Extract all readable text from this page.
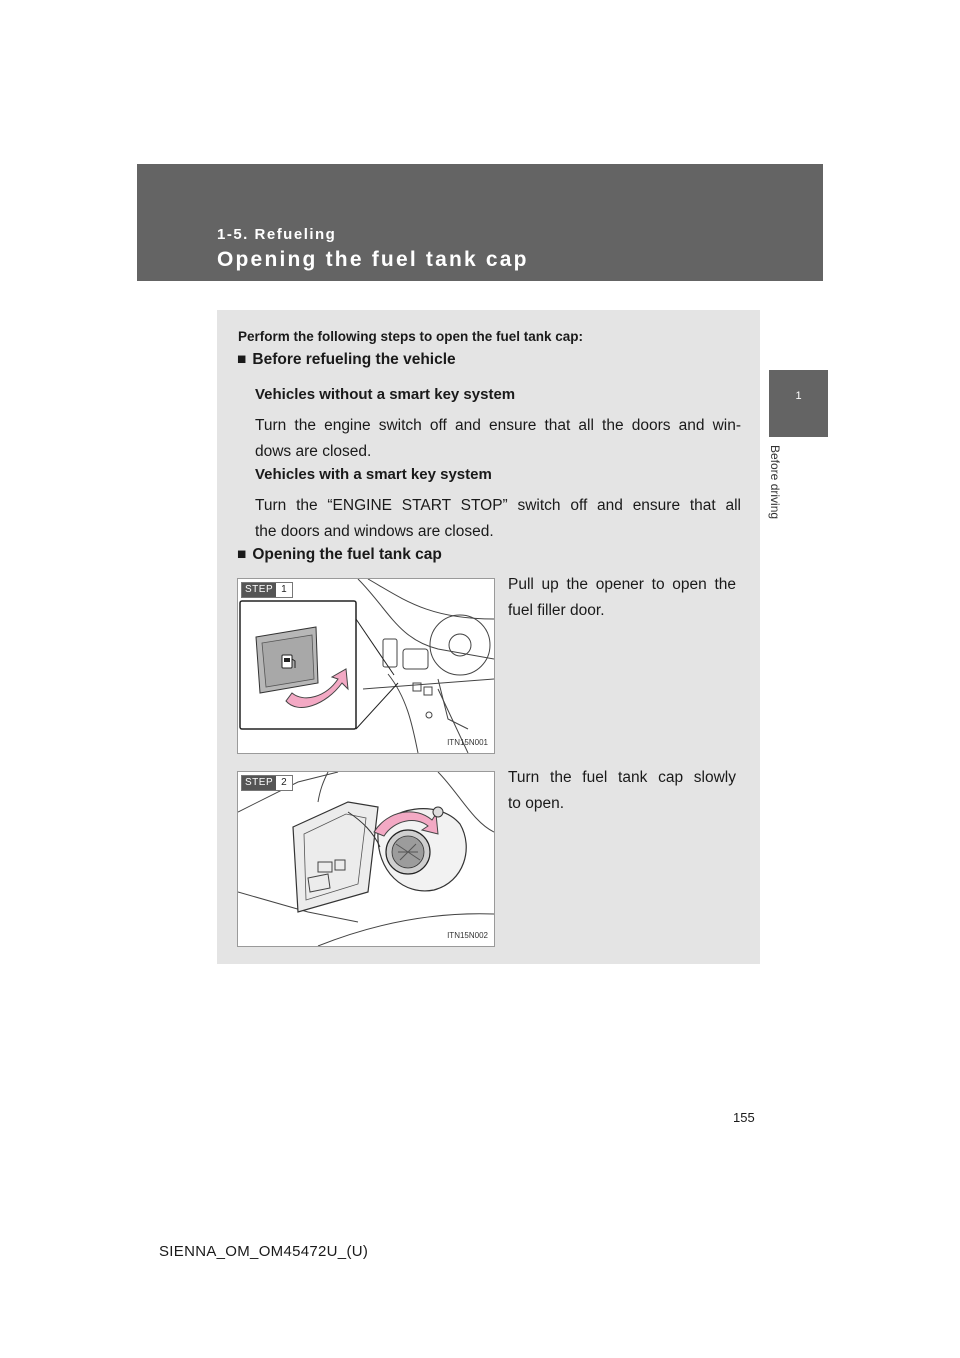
1-5. Refueling
Opening the fuel tank cap
1
Before driving
Perform the following steps to open the fuel tank cap:
■ Before refueling the vehicle
Vehicles without a smart key system
Turn the engine switch off and ensure that all the doors and win-
dows are closed.
Vehicles with a smart key system
Turn the “ENGINE START STOP” switch off and ensure that all
the doors and windows are closed.
■ Opening the fuel tank cap
STEP 1
ITN15N001
Pull up the opener to open the
fuel filler door.
STEP 2
ITN15N002
Turn the fuel tank cap slowly
to open.
155
SIENNA_OM_OM45472U_(U)
